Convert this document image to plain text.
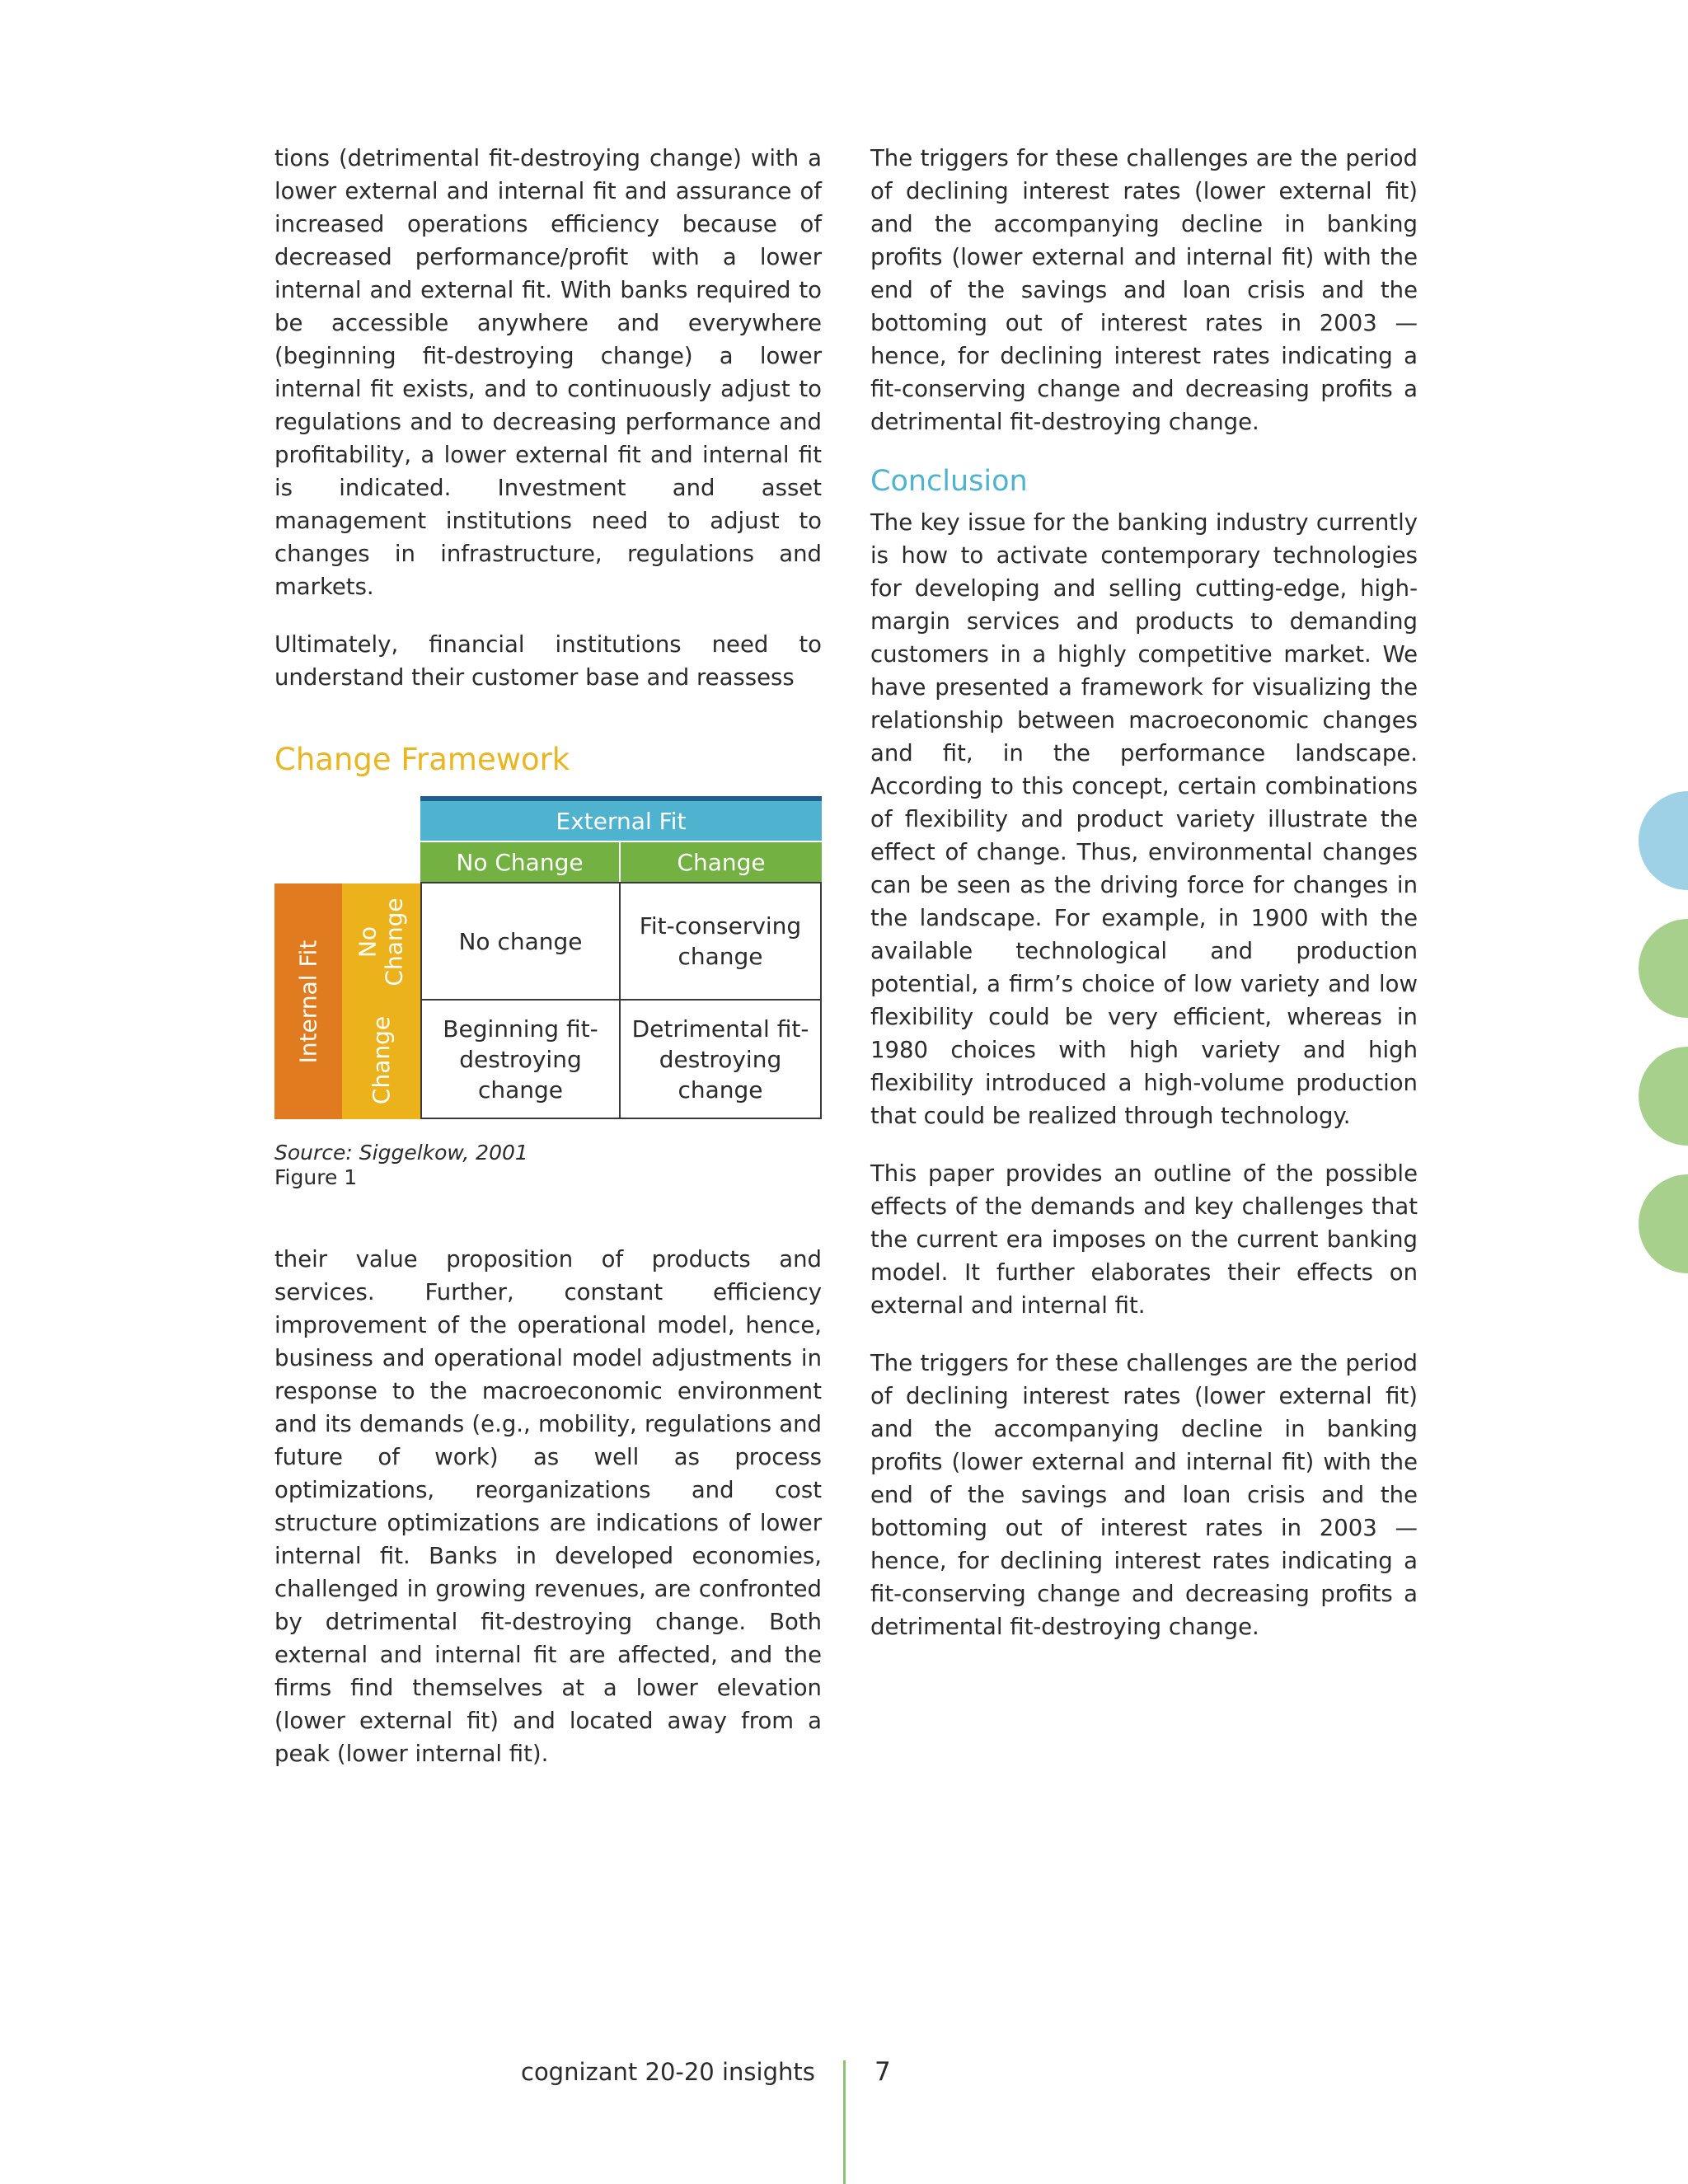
tions (detrimental fit-destroying change) with a lower external and internal fit and assurance of increased operations efficiency because of decreased performance/profit with a lower internal and external fit. With banks required to be accessible anywhere and everywhere (beginning fit-destroying change) a lower internal fit exists, and to continuously adjust to regulations and to decreasing performance and profitability, a lower external fit and internal fit is indicated. Investment and asset management institutions need to adjust to changes in infrastructure, regulations and markets.

Ultimately, financial institutions need to understand their customer base and reassess

Change Framework
External Fit
No Change	Change
Internal Fit No Change
Change
No change
Fit-conserving change
Beginning fit-destroying change
Detrimental fit-destroying change
Source: Siggelkow, 2001
Figure 1

their value proposition of products and services. Further, constant efficiency improvement of the operational model, hence, business and operational model adjustments in response to the macroeconomic environment and its demands (e.g., mobility, regulations and future of work) as well as process optimizations, reorganizations and cost structure optimizations are indications of lower internal fit. Banks in developed economies, challenged in growing revenues, are confronted by detrimental fit-destroying change. Both external and internal fit are affected, and the firms find themselves at a lower elevation (lower external fit) and located away from a peak (lower internal fit).

The triggers for these challenges are the period of declining interest rates (lower external fit) and the accompanying decline in banking profits (lower external and internal fit) with the end of the savings and loan crisis and the bottoming out of interest rates in 2003 — hence, for declining interest rates indicating a fit-conserving change and decreasing profits a detrimental fit-destroying change.

Conclusion

The key issue for the banking industry currently is how to activate contemporary technologies for developing and selling cutting-edge, high-margin services and products to demanding customers in a highly competitive market. We have presented a framework for visualizing the relationship between macroeconomic changes and fit, in the performance landscape. According to this concept, certain combinations of flexibility and product variety illustrate the effect of change. Thus, environmental changes can be seen as the driving force for changes in the landscape. For example, in 1900 with the available technological and production potential, a firm’s choice of low variety and low flexibility could be very efficient, whereas in 1980 choices with high variety and high flexibility introduced a high-volume production that could be realized through technology.

This paper provides an outline of the possible effects of the demands and key challenges that the current era imposes on the current banking model. It further elaborates their effects on external and internal fit.

The triggers for these challenges are the period of declining interest rates (lower external fit) and the accompanying decline in banking profits (lower external and internal fit) with the end of the savings and loan crisis and the bottoming out of interest rates in 2003 — hence, for declining interest rates indicating a fit-conserving change and decreasing profits a detrimental fit-destroying change.

cognizant 20-20 insights 7
